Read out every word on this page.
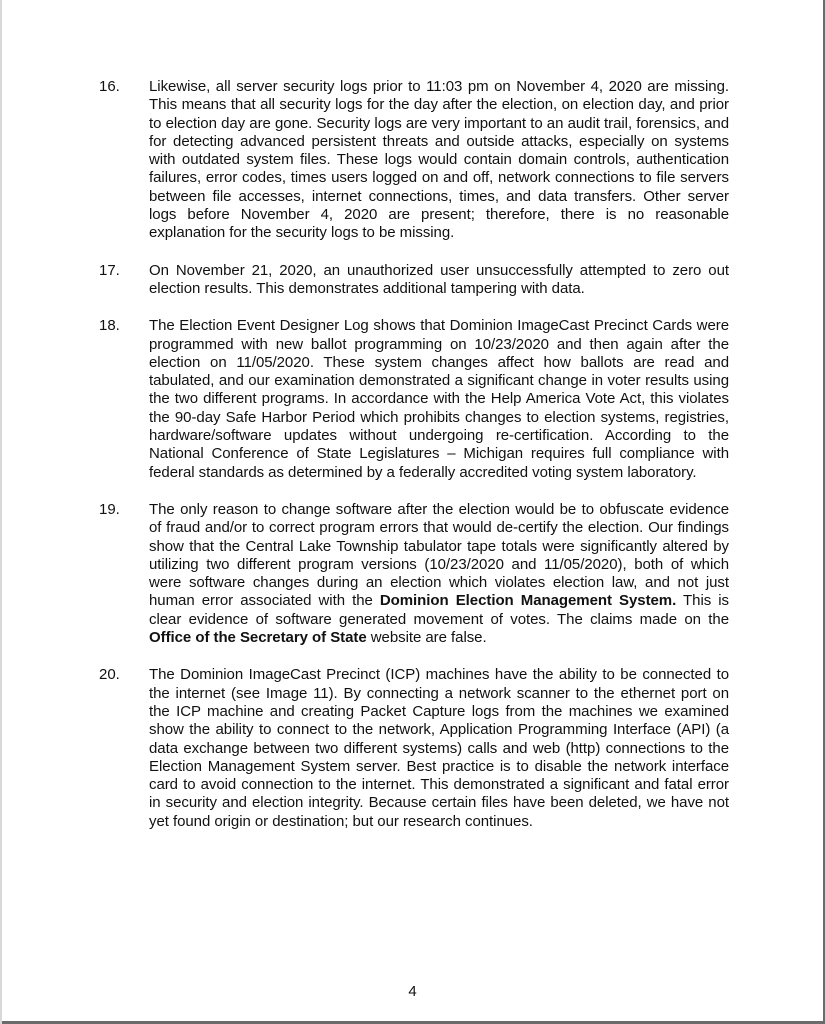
16.	Likewise, all server security logs prior to 11:03 pm on November 4, 2020 are missing. This means that all security logs for the day after the election, on election day, and prior to election day are gone. Security logs are very important to an audit trail, forensics, and for detecting advanced persistent threats and outside attacks, especially on systems with outdated system files. These logs would contain domain controls, authentication failures, error codes, times users logged on and off, network connections to file servers between file accesses, internet connections, times, and data transfers. Other server logs before November 4, 2020 are present; therefore, there is no reasonable explanation for the security logs to be missing.
17.	On November 21, 2020, an unauthorized user unsuccessfully attempted to zero out election results. This demonstrates additional tampering with data.
18.	The Election Event Designer Log shows that Dominion ImageCast Precinct Cards were programmed with new ballot programming on 10/23/2020 and then again after the election on 11/05/2020. These system changes affect how ballots are read and tabulated, and our examination demonstrated a significant change in voter results using the two different programs. In accordance with the Help America Vote Act, this violates the 90-day Safe Harbor Period which prohibits changes to election systems, registries, hardware/software updates without undergoing re-certification. According to the National Conference of State Legislatures – Michigan requires full compliance with federal standards as determined by a federally accredited voting system laboratory.
19.	The only reason to change software after the election would be to obfuscate evidence of fraud and/or to correct program errors that would de-certify the election. Our findings show that the Central Lake Township tabulator tape totals were significantly altered by utilizing two different program versions (10/23/2020 and 11/05/2020), both of which were software changes during an election which violates election law, and not just human error associated with the Dominion Election Management System. This is clear evidence of software generated movement of votes. The claims made on the Office of the Secretary of State website are false.
20.	The Dominion ImageCast Precinct (ICP) machines have the ability to be connected to the internet (see Image 11). By connecting a network scanner to the ethernet port on the ICP machine and creating Packet Capture logs from the machines we examined show the ability to connect to the network, Application Programming Interface (API) (a data exchange between two different systems) calls and web (http) connections to the Election Management System server. Best practice is to disable the network interface card to avoid connection to the internet. This demonstrated a significant and fatal error in security and election integrity. Because certain files have been deleted, we have not yet found origin or destination; but our research continues.
4
